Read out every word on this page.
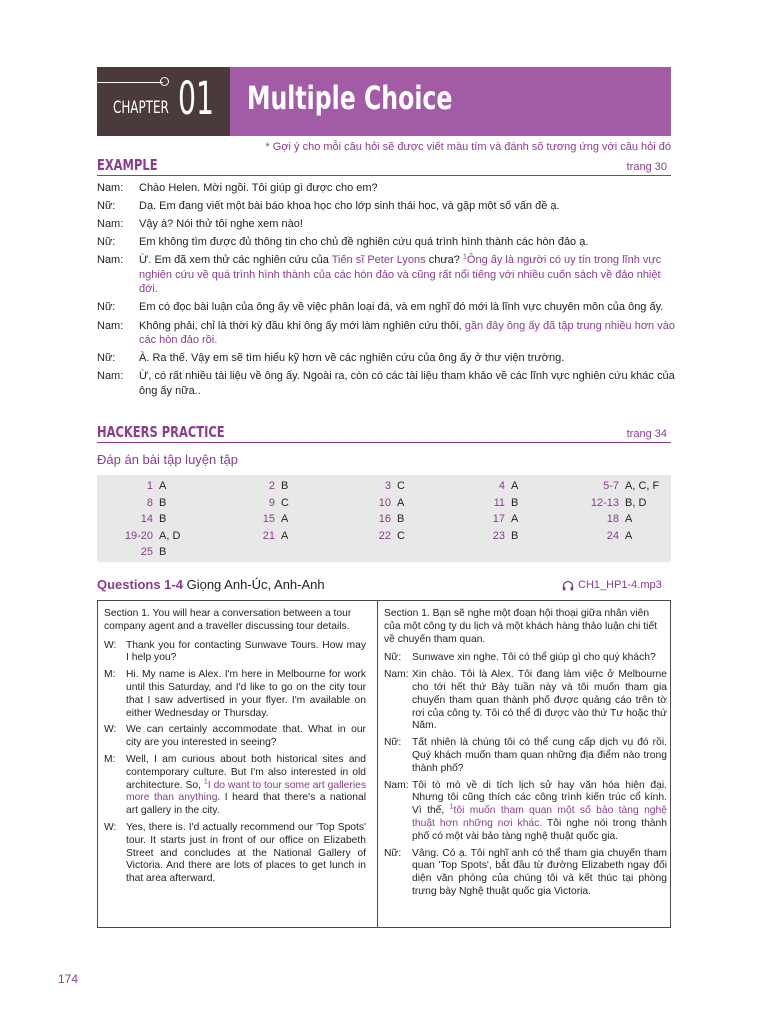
CHAPTER 01 Multiple Choice
* Gợi ý cho mỗi câu hỏi sẽ được viết màu tím và đánh số tương ứng với câu hỏi đó
EXAMPLE	trang 30
Nam:	Chào Helen. Mời ngồi. Tôi giúp gì được cho em?
Nữ:	Dạ. Em đang viết một bài báo khoa học cho lớp sinh thái học, và gặp một số vấn đề ạ.
Nam:	Vậy à? Nói thử tôi nghe xem nào!
Nữ:	Em không tìm được đủ thông tin cho chủ đề nghiên cứu quá trình hình thành các hòn đảo ạ.
Nam:	Ừ. Em đã xem thử các nghiên cứu của Tiến sĩ Peter Lyons chưa? $^1$Ông ấy là người có uy tín trong lĩnh vực nghiên cứu về quá trình hình thành của các hòn đảo và cũng rất nổi tiếng với nhiều cuốn sách về đảo nhiệt đới.
Nữ:	Em có đọc bài luận của ông ấy về việc phân loại đá, và em nghĩ đó mới là lĩnh vực chuyên môn của ông ấy.
Nam:	Không phải, chỉ là thời kỳ đầu khi ông ấy mới làm nghiên cứu thôi, gần đây ông ấy đã tập trung nhiều hơn vào các hòn đảo rồi.
Nữ:	À. Ra thế. Vậy em sẽ tìm hiểu kỹ hơn về các nghiên cứu của ông ấy ở thư viện trường.
Nam:	Ừ, có rất nhiều tài liệu về ông ấy. Ngoài ra, còn có các tài liệu tham khảo về các lĩnh vực nghiên cứu khác của ông ấy nữa..
HACKERS PRACTICE	trang 34
Đáp án bài tập luyện tập
1 A	2 B	3 C	4 A	5-7 A, C, F
8 B	9 C	10 A	11 B	12-13 B, D
14 B	15 A	16 B	17 A	18 A
19-20 A, D	21 A	22 C	23 B	24 A
25 B
Questions 1-4 Giọng Anh-Úc, Anh-Anh	CH1_HP1-4.mp3
Section 1. You will hear a conversation between a tour company agent and a traveller discussing tour details.
W: Thank you for contacting Sunwave Tours. How may I help you?
M:	Hi. My name is Alex. I'm here in Melbourne for work until this Saturday, and I'd like to go on the city tour that I saw advertised in your flyer. I'm available on either Wednesday or Thursday.
W: We can certainly accommodate that. What in our city are you interested in seeing?
M:	Well, I am curious about both historical sites and contemporary culture. But I'm also interested in old architecture. So, $^1$I do want to tour some art galleries more than anything. I heard that there's a national art gallery in the city.
W: Yes, there is. I'd actually recommend our 'Top Spots' tour. It starts just in front of our office on Elizabeth Street and concludes at the National Gallery of Victoria. And there are lots of places to get lunch in that area afterward.
Section 1. Bạn sẽ nghe một đoạn hội thoại giữa nhân viên của một công ty du lịch và một khách hàng thảo luận chi tiết về chuyến tham quan.
Nữ:	Sunwave xin nghe. Tôi có thể giúp gì cho quý khách?
Nam: Xin chào. Tôi là Alex. Tôi đang làm việc ở Melbourne cho tới hết thứ Bảy tuần này và tôi muốn tham gia chuyến tham quan thành phố được quảng cáo trên tờ rơi của công ty. Tôi có thể đi được vào thứ Tư hoặc thứ Năm.
Nữ:	Tất nhiên là chúng tôi có thể cung cấp dịch vụ đó rồi. Quý khách muốn tham quan những địa điểm nào trong thành phố?
Nam: Tôi tò mò về di tích lịch sử hay văn hóa hiện đại. Nhưng tôi cũng thích các công trình kiến trúc cổ kính. Vì thế, $^1$tôi muốn tham quan một số bảo tàng nghệ thuật hơn những nơi khác. Tôi nghe nói trong thành phố có một vài bảo tàng nghệ thuật quốc gia.
Nữ:	Vâng. Có ạ. Tôi nghĩ anh có thể tham gia chuyến tham quan 'Top Spots', bắt đầu từ đường Elizabeth ngay đối diện văn phòng của chúng tôi và kết thúc tại phòng trưng bày Nghệ thuật quốc gia Victoria.
174
